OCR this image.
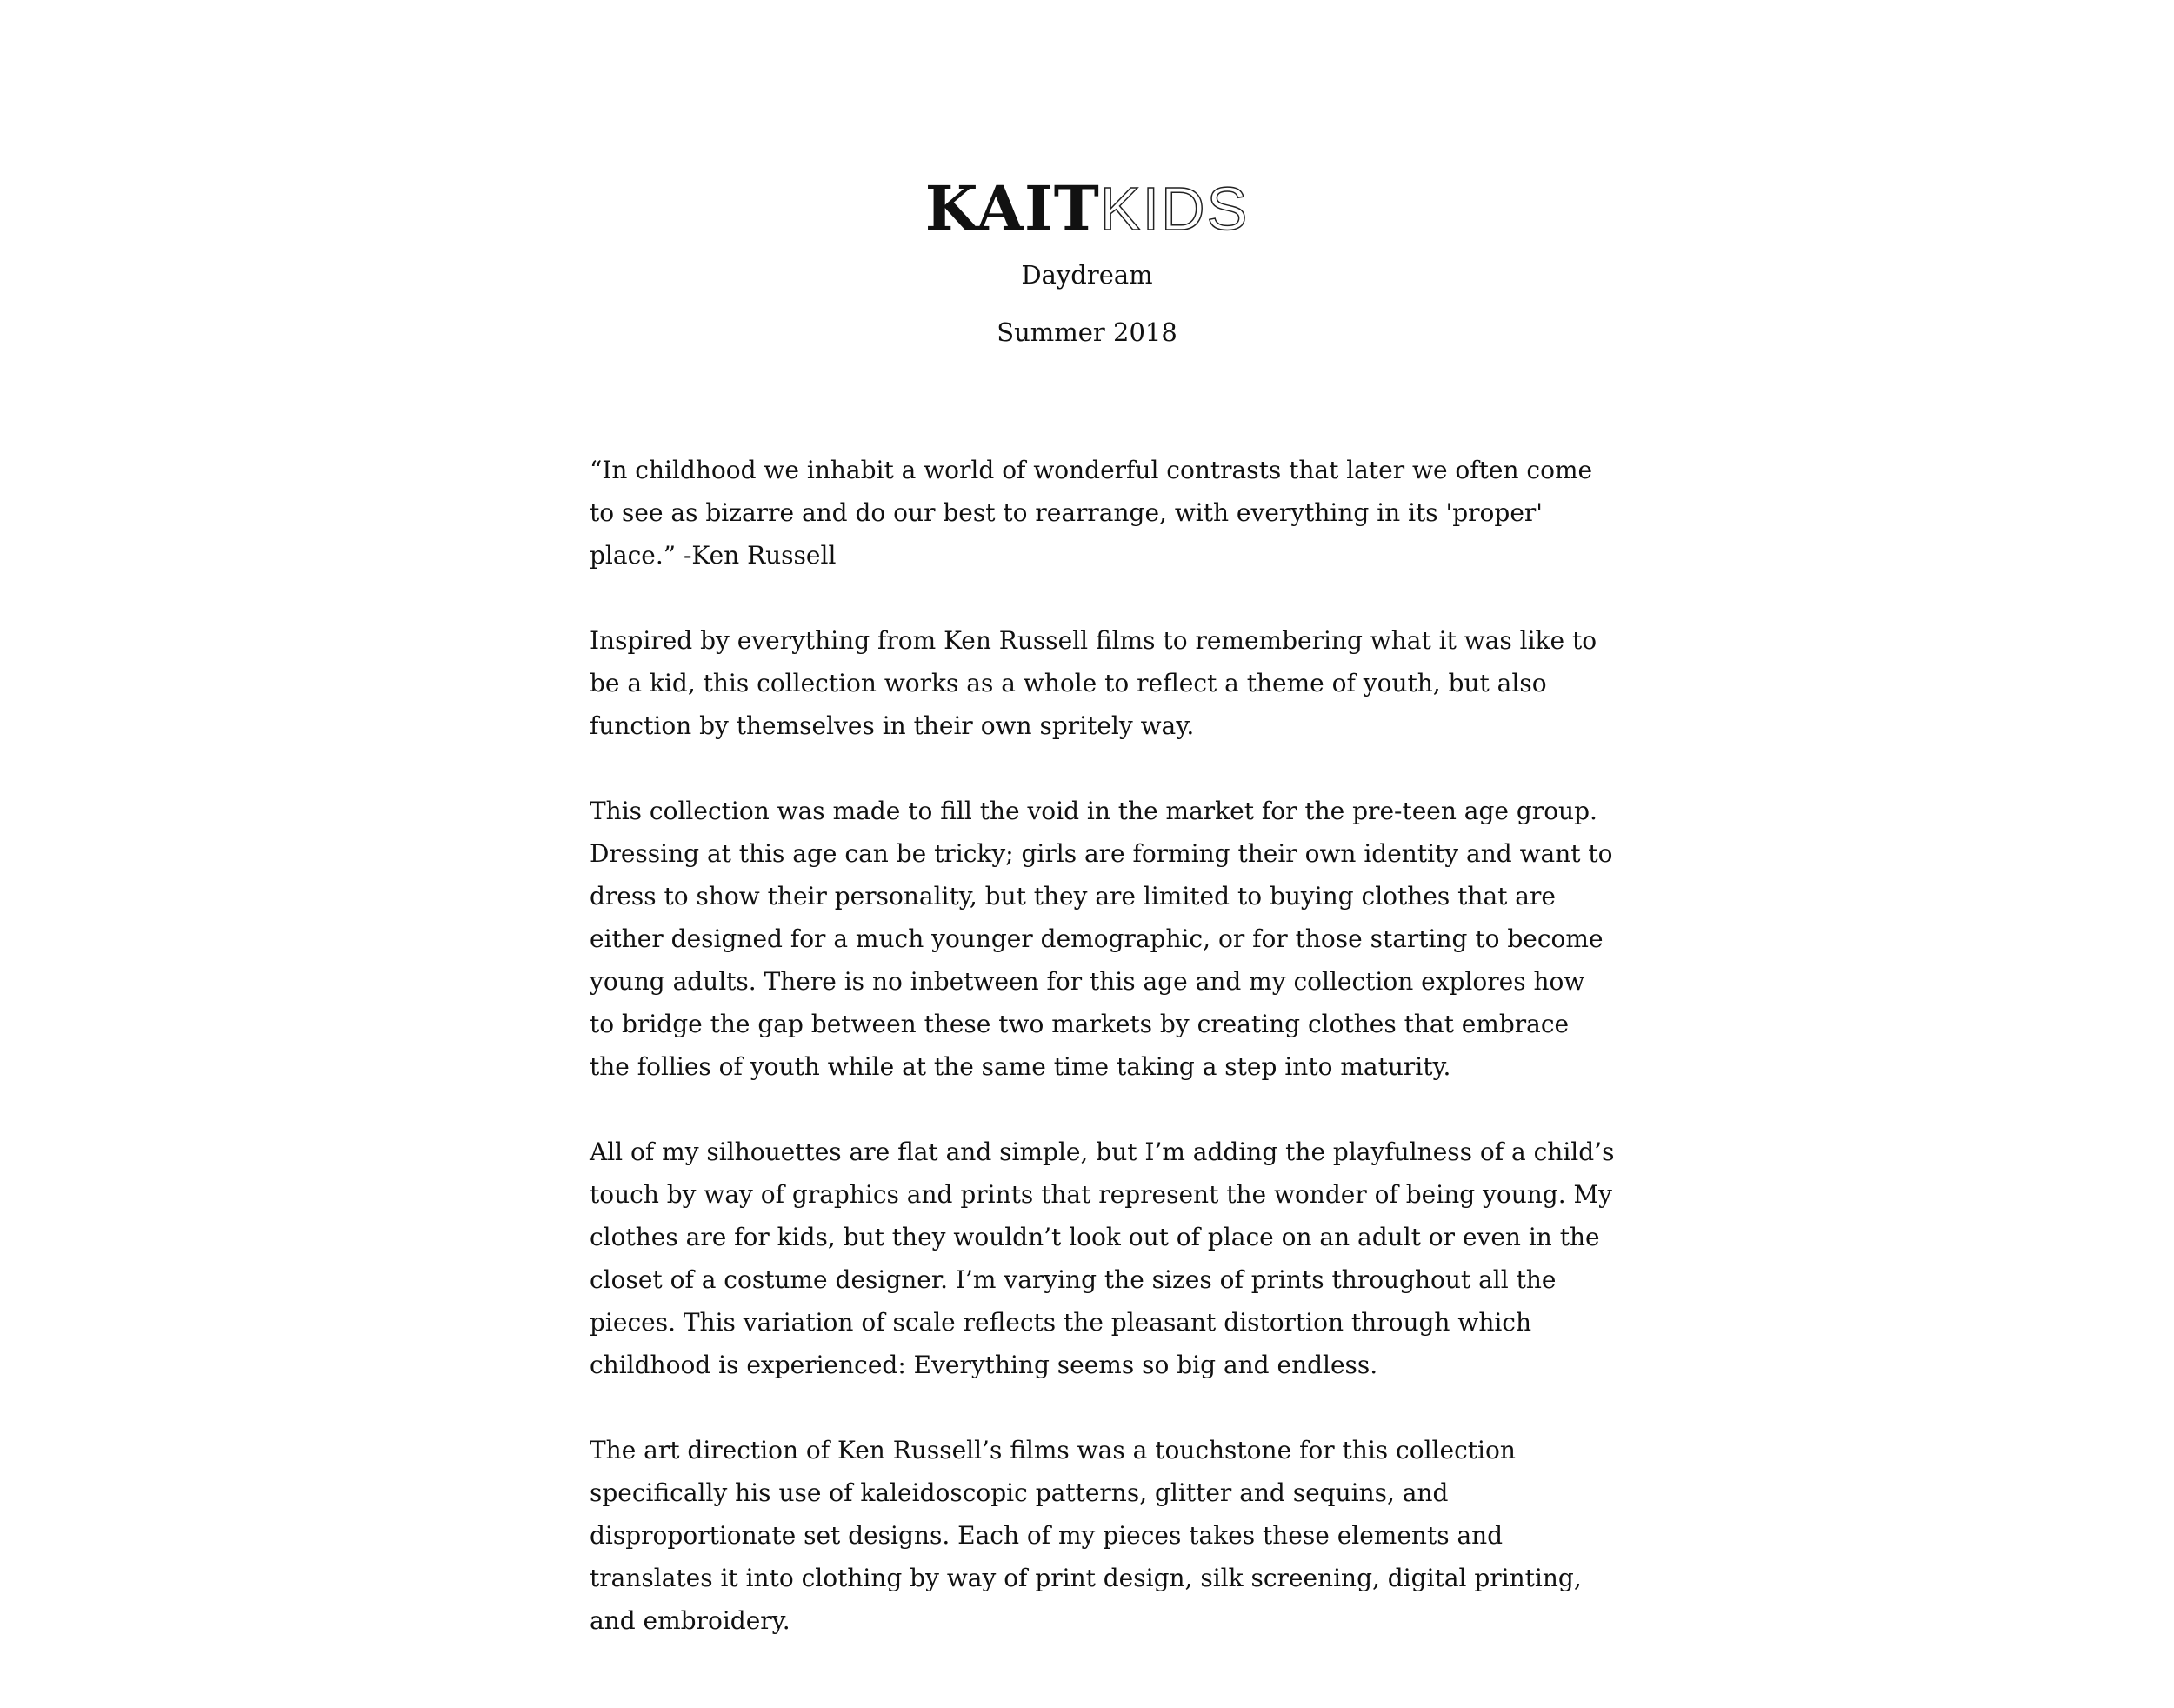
KAITKIDS
Daydream
Summer 2018

“In childhood we inhabit a world of wonderful contrasts that later we often come to see as bizarre and do our best to rearrange, with everything in its 'proper' place.” -Ken Russell

Inspired by everything from Ken Russell films to remembering what it was like to be a kid, this collection works as a whole to reflect a theme of youth, but also function by themselves in their own spritely way.

This collection was made to fill the void in the market for the pre-teen age group. Dressing at this age can be tricky; girls are forming their own identity and want to dress to show their personality, but they are limited to buying clothes that are either designed for a much younger demographic, or for those starting to become young adults. There is no inbetween for this age and my collection explores how to bridge the gap between these two markets by creating clothes that embrace the follies of youth while at the same time taking a step into maturity.

All of my silhouettes are flat and simple, but I’m adding the playfulness of a child’s touch by way of graphics and prints that represent the wonder of being young. My clothes are for kids, but they wouldn’t look out of place on an adult or even in the closet of a costume designer. I’m varying the sizes of prints throughout all the pieces. This variation of scale reflects the pleasant distortion through which childhood is experienced: Everything seems so big and endless.

The art direction of Ken Russell’s films was a touchstone for this collection specifically his use of kaleidoscopic patterns, glitter and sequins, and disproportionate set designs. Each of my pieces takes these elements and translates it into clothing by way of print design, silk screening, digital printing, and embroidery.
